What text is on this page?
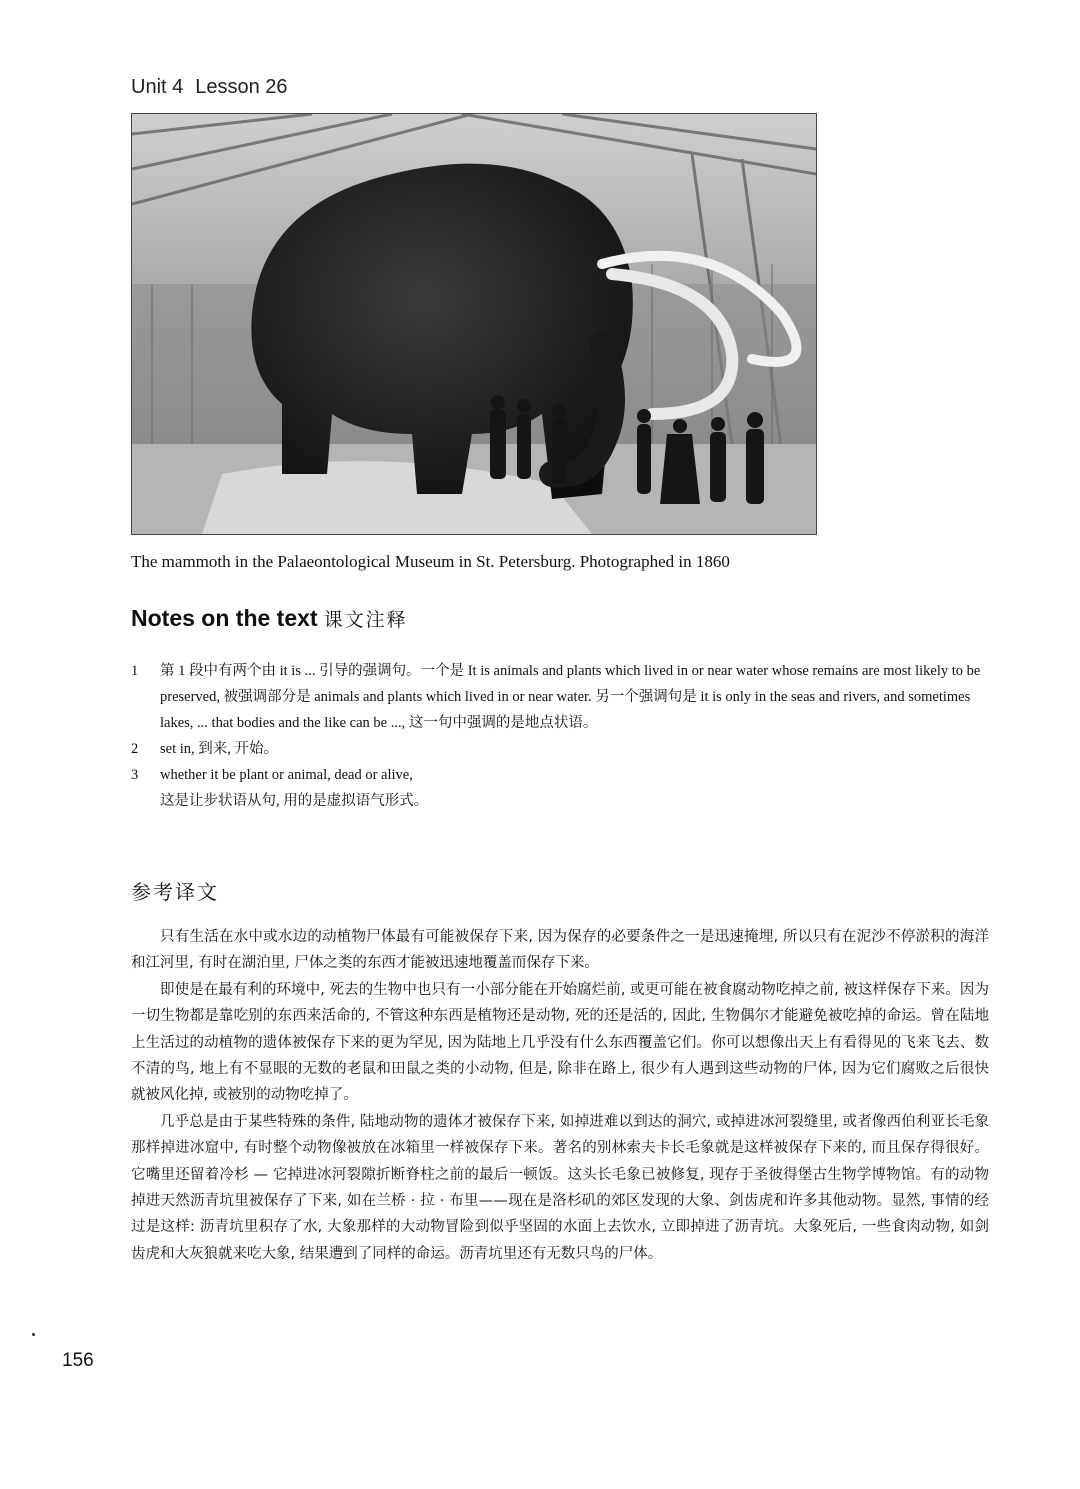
Unit 4 Lesson 26
The mammoth in the Palaeontological Museum in St. Petersburg. Photographed in 1860
Notes on the text 课文注释
1 第 1 段中有两个由 it is ... 引导的强调句。一个是 It is animals and plants which lived in or near water whose remains are most likely to be preserved, 被强调部分是 animals and plants which lived in or near water. 另一个强调句是 it is only in the seas and rivers, and sometimes lakes, ... that bodies and the like can be ..., 这一句中强调的是地点状语。
2 set in, 到来, 开始。
3 whether it be plant or animal, dead or alive,
这是让步状语从句, 用的是虚拟语气形式。
参考译文

只有生活在水中或水边的动植物尸体最有可能被保存下来, 因为保存的必要条件之一是迅速掩埋, 所以只有在泥沙不停淤积的海洋和江河里, 有时在湖泊里, 尸体之类的东西才能被迅速地覆盖而保存下来。

即使是在最有利的环境中, 死去的生物中也只有一小部分能在开始腐烂前, 或更可能在被食腐动物吃掉之前, 被这样保存下来。因为一切生物都是靠吃别的东西来活命的, 不管这种东西是植物还是动物, 死的还是活的, 因此, 生物偶尔才能避免被吃掉的命运。曾在陆地上生活过的动植物的遗体被保存下来的更为罕见, 因为陆地上几乎没有什么东西覆盖它们。你可以想像出天上有看得见的飞来飞去、数不清的鸟, 地上有不显眼的无数的老鼠和田鼠之类的小动物, 但是, 除非在路上, 很少有人遇到这些动物的尸体, 因为它们腐败之后很快就被风化掉, 或被别的动物吃掉了。

几乎总是由于某些特殊的条件, 陆地动物的遗体才被保存下来, 如掉进难以到达的洞穴, 或掉进冰河裂缝里, 或者像西伯利亚长毛象那样掉进冰窟中, 有时整个动物像被放在冰箱里一样被保存下来。著名的别林索夫卡长毛象就是这样被保存下来的, 而且保存得很好。它嘴里还留着冷杉 — 它掉进冰河裂隙折断脊柱之前的最后一顿饭。这头长毛象已被修复, 现存于圣彼得堡古生物学博物馆。有的动物掉进天然沥青坑里被保存了下来, 如在兰桥 · 拉 · 布里——现在是洛杉矶的郊区发现的大象、剑齿虎和许多其他动物。显然, 事情的经过是这样: 沥青坑里积存了水, 大象那样的大动物冒险到似乎坚固的水面上去饮水, 立即掉进了沥青坑。大象死后, 一些食肉动物, 如剑齿虎和大灰狼就来吃大象, 结果遭到了同样的命运。沥青坑里还有无数只鸟的尸体。

156
